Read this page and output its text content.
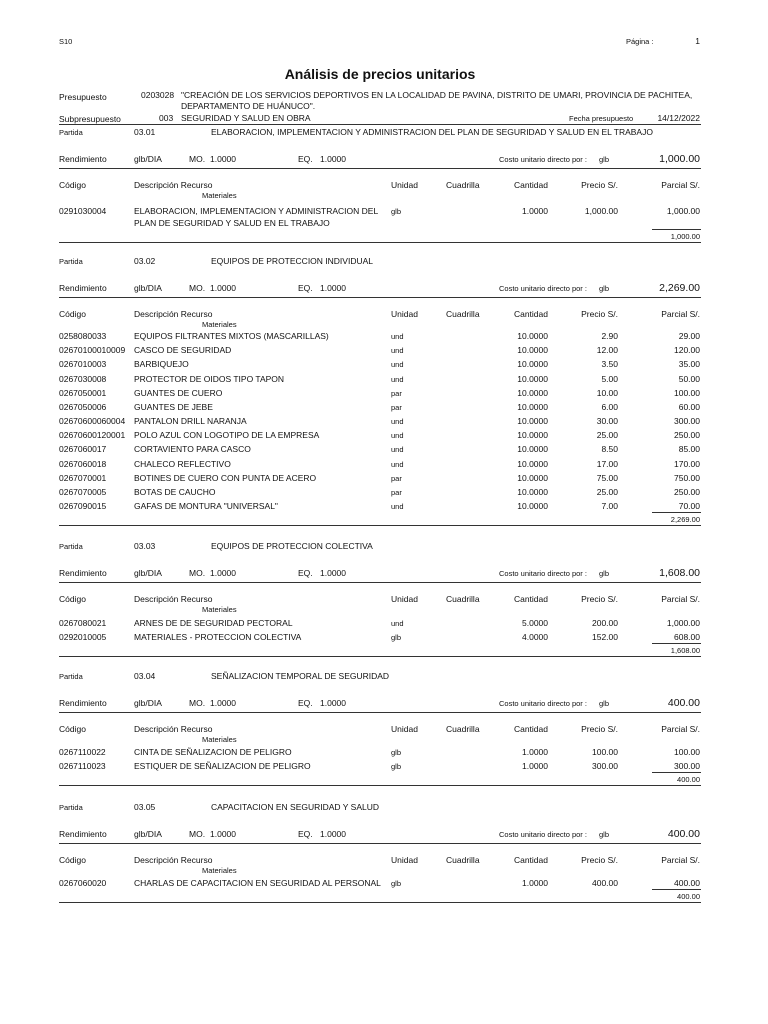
S10	Página :	1
Análisis de precios unitarios
Presupuesto	0203028 "CREACIÓN DE LOS SERVICIOS DEPORTIVOS EN LA LOCALIDAD DE PAVINA, DISTRITO DE UMARI, PROVINCIA DE PACHITEA,
DEPARTAMENTO DE HUÁNUCO".
Subpresupuesto	003 SEGURIDAD Y SALUD EN OBRA	Fecha presupuesto	14/12/2022
Partida	03.01	ELABORACION, IMPLEMENTACION Y ADMINISTRACION DEL PLAN DE SEGURIDAD Y SALUD EN EL TRABAJO
Rendimiento	glb/DIA	MO. 1.0000	EQ. 1.0000	Costo unitario directo por : glb	1,000.00
Código	Descripción Recurso	Unidad	Cuadrilla	Cantidad	Precio S/.	Parcial S/.
Materiales
0291030004	ELABORACION, IMPLEMENTACION Y ADMINISTRACION DEL
PLAN DE SEGURIDAD Y SALUD EN EL TRABAJO
glb	1.0000	1,000.00	1,000.00
1,000.00
Partida	03.02	EQUIPOS DE PROTECCION INDIVIDUAL
Rendimiento	glb/DIA	MO. 1.0000	EQ. 1.0000	Costo unitario directo por : glb	2,269.00
Código	Descripción Recurso	Unidad	Cuadrilla	Cantidad	Precio S/.	Parcial S/.
Materiales
0258080033	EQUIPOS FILTRANTES MIXTOS (MASCARILLAS)	und	10.0000	2.90	29.00
02670100010009 CASCO DE SEGURIDAD	und	10.0000	12.00	120.00
0267010003	BARBIQUEJO	und	10.0000	3.50	35.00
0267030008	PROTECTOR DE OIDOS TIPO TAPON	und	10.0000	5.00	50.00
0267050001	GUANTES DE CUERO	par	10.0000	10.00	100.00
0267050006	GUANTES DE JEBE	par	10.0000	6.00	60.00
02670600060004 PANTALON DRILL NARANJA	und	10.0000	30.00	300.00
02670600120001 POLO AZUL CON LOGOTIPO DE LA EMPRESA	und	10.0000	25.00	250.00
0267060017	CORTAVIENTO PARA CASCO	und	10.0000	8.50	85.00
0267060018	CHALECO REFLECTIVO	und	10.0000	17.00	170.00
0267070001	BOTINES DE CUERO CON PUNTA DE ACERO	par	10.0000	75.00	750.00
0267070005	BOTAS DE CAUCHO	par	10.0000	25.00	250.00
0267090015	GAFAS DE MONTURA "UNIVERSAL"	und	10.0000	7.00	70.00
2,269.00
Partida	03.03	EQUIPOS DE PROTECCION COLECTIVA
Rendimiento	glb/DIA	MO. 1.0000	EQ. 1.0000	Costo unitario directo por : glb	1,608.00
Código	Descripción Recurso	Unidad	Cuadrilla	Cantidad	Precio S/.	Parcial S/.
Materiales
0267080021	ARNES DE DE SEGURIDAD PECTORAL	und	5.0000	200.00	1,000.00
0292010005	MATERIALES - PROTECCION COLECTIVA	glb	4.0000	152.00	608.00
1,608.00
Partida	03.04	SEÑALIZACION TEMPORAL DE SEGURIDAD
Rendimiento	glb/DIA	MO. 1.0000	EQ. 1.0000	Costo unitario directo por : glb	400.00
Código	Descripción Recurso	Unidad	Cuadrilla	Cantidad	Precio S/.	Parcial S/.
Materiales
0267110022	CINTA DE SEÑALIZACION DE PELIGRO	glb	1.0000	100.00	100.00
0267110023	ESTIQUER DE SEÑALIZACION DE PELIGRO	glb	1.0000	300.00	300.00
400.00
Partida	03.05	CAPACITACION EN SEGURIDAD Y SALUD
Rendimiento	glb/DIA	MO. 1.0000	EQ. 1.0000	Costo unitario directo por : glb	400.00
Código	Descripción Recurso	Unidad	Cuadrilla	Cantidad	Precio S/.	Parcial S/.
Materiales
0267060020	CHARLAS DE CAPACITACION EN SEGURIDAD AL PERSONAL glb	1.0000	400.00	400.00
400.00
